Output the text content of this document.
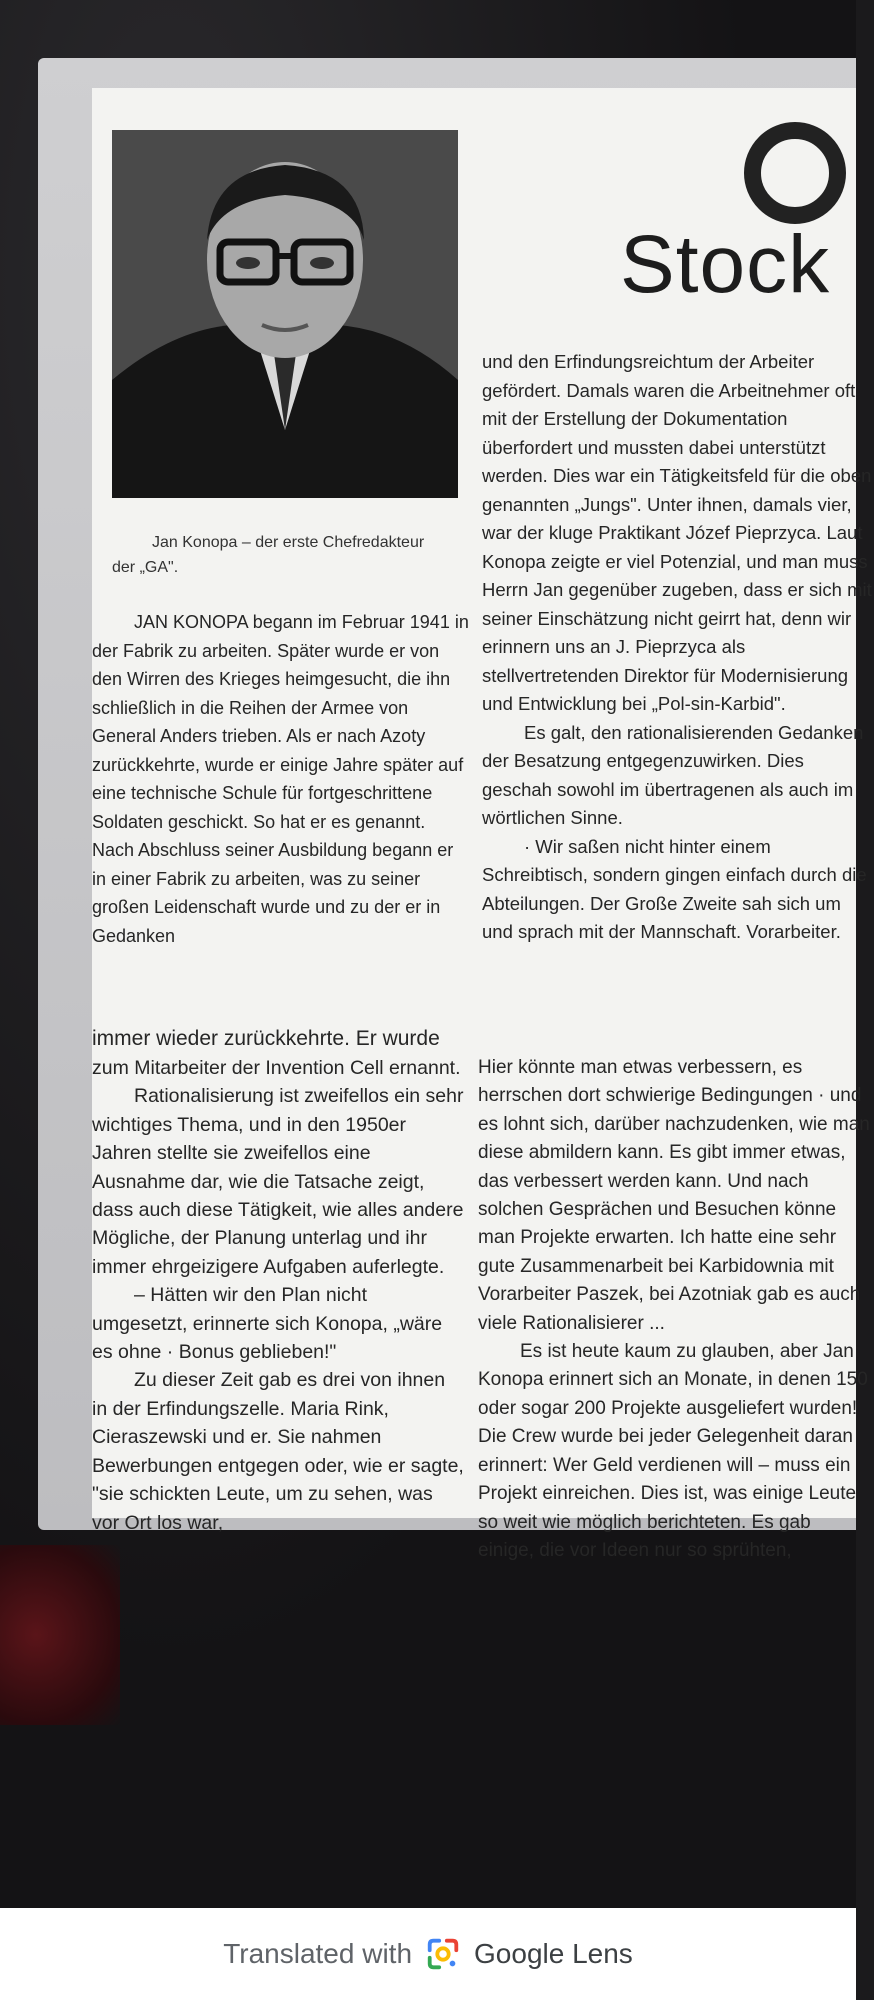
Stock
Jan Konopa – der erste Chefredakteur
der „GA".

JAN KONOPA begann im Februar 1941 in der Fabrik zu arbeiten. Später wurde er von den Wirren des Krieges heimgesucht, die ihn schließlich in die Reihen der Armee von General Anders trieben. Als er nach Azoty zurückkehrte, wurde er einige Jahre später auf eine technische Schule für fortgeschrittene Soldaten geschickt. So hat er es genannt. Nach Abschluss seiner Ausbildung begann er in einer Fabrik zu arbeiten, was zu seiner großen Leidenschaft wurde und zu der er in Gedanken

immer wieder zurückkehrte. Er wurde

zum Mitarbeiter der Invention Cell ernannt.

Rationalisierung ist zweifellos ein sehr wichtiges Thema, und in den 1950er Jahren stellte sie zweifellos eine Ausnahme dar, wie die Tatsache zeigt, dass auch diese Tätigkeit, wie alles andere Mögliche, der Planung unterlag und ihr immer ehrgeizigere Aufgaben auferlegte.

– Hätten wir den Plan nicht umgesetzt, erinnerte sich Konopa, „wäre es ohne · Bonus geblieben!"

Zu dieser Zeit gab es drei von ihnen in der Erfindungszelle. Maria Rink, Cieraszewski und er. Sie nahmen Bewerbungen entgegen oder, wie er sagte, "sie schickten Leute, um zu sehen, was vor Ort los war,

und den Erfindungsreichtum der Arbeiter gefördert. Damals waren die Arbeitnehmer oft mit der Erstellung der Dokumentation überfordert und mussten dabei unterstützt werden. Dies war ein Tätigkeitsfeld für die oben genannten „Jungs". Unter ihnen, damals vier, war der kluge Praktikant Józef Pieprzyca. Laut Konopa zeigte er viel Potenzial, und man muss Herrn Jan gegenüber zugeben, dass er sich mit seiner Einschätzung nicht geirrt hat, denn wir erinnern uns an J. Pieprzyca als stellvertretenden Direktor für Modernisierung und Entwicklung bei „Pol-sin-Karbid".

Es galt, den rationalisierenden Gedanken der Besatzung entgegenzuwirken. Dies geschah sowohl im übertragenen als auch im wörtlichen Sinne.

· Wir saßen nicht hinter einem Schreibtisch, sondern gingen einfach durch die Abteilungen. Der Große Zweite sah sich um und sprach mit der Mannschaft. Vorarbeiter.

Hier könnte man etwas verbessern, es herrschen dort schwierige Bedingungen · und es lohnt sich, darüber nachzudenken, wie man diese abmildern kann. Es gibt immer etwas, das verbessert werden kann. Und nach solchen Gesprächen und Besuchen könne man Projekte erwarten. Ich hatte eine sehr gute Zusammenarbeit bei Karbidownia mit Vorarbeiter Paszek, bei Azotniak gab es auch viele Rationalisierer ...

Es ist heute kaum zu glauben, aber Jan Konopa erinnert sich an Monate, in denen 150 oder sogar 200 Projekte ausgeliefert wurden! Die Crew wurde bei jeder Gelegenheit daran erinnert: Wer Geld verdienen will – muss ein Projekt einreichen. Dies ist, was einige Leute so weit wie möglich berichteten. Es gab einige, die vor Ideen nur so sprühten,

Translated with Google Lens
